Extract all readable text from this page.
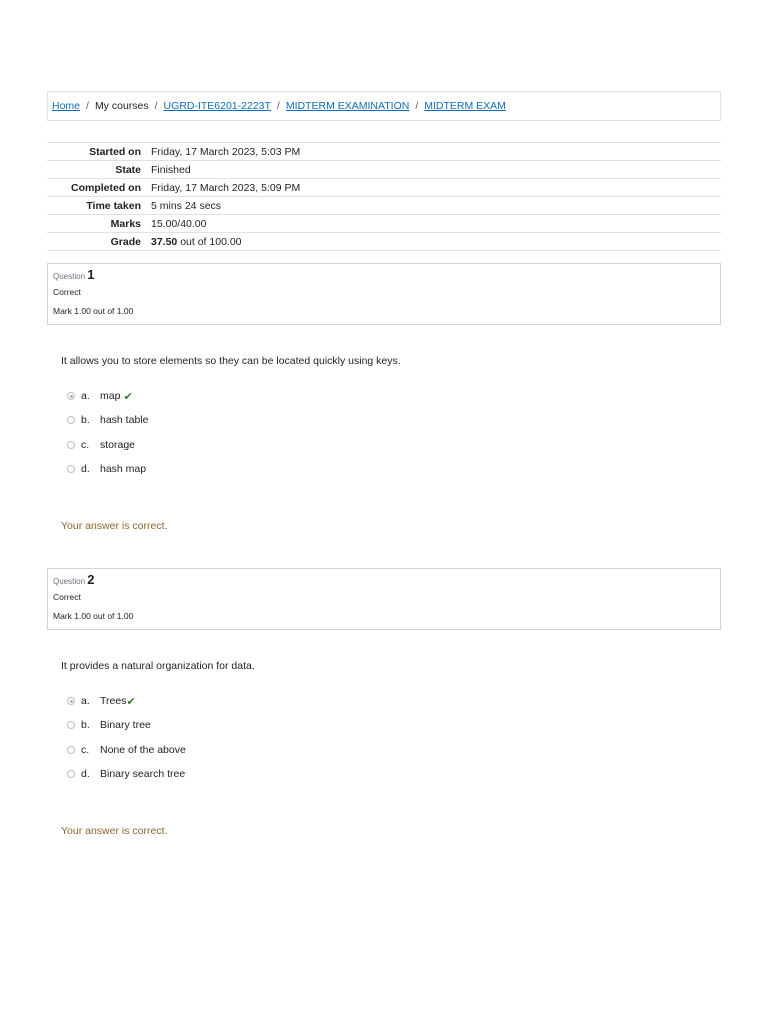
Home / My courses / UGRD-ITE6201-2223T / MIDTERM EXAMINATION / MIDTERM EXAM
Started on	Friday, 17 March 2023, 5:03 PM
State	Finished
Completed on	Friday, 17 March 2023, 5:09 PM
Time taken	5 mins 24 secs
Marks	15.00/40.00
Grade	37.50 out of 100.00
Question 1
Correct
Mark 1.00 out of 1.00
It allows you to store elements so they can be located quickly using keys.
a. map ✔
b. hash table
c.	storage
d. hash map
Your answer is correct.
Question 2
Correct
Mark 1.00 out of 1.00
It provides a natural organization for data.
a. Trees ✔
b. Binary tree
c.	None of the above
d. Binary search tree
Your answer is correct.
